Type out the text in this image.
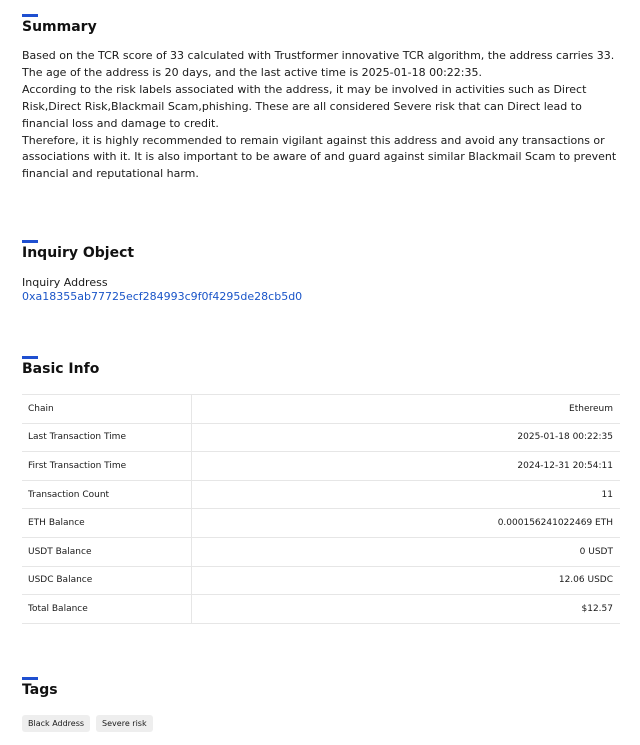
Summary

Based on the TCR score of 33 calculated with Trustformer innovative TCR algorithm, the address carries 33. The age of the address is 20 days, and the last active time is 2025-01-18 00:22:35.

According to the risk labels associated with the address, it may be involved in activities such as Direct Risk,Direct Risk,Blackmail Scam,phishing. These are all considered Severe risk that can Direct lead to financial loss and damage to credit.

Therefore, it is highly recommended to remain vigilant against this address and avoid any transactions or associations with it. It is also important to be aware of and guard against similar Blackmail Scam to prevent financial and reputational harm.

Inquiry Object
Inquiry Address
0xa18355ab77725ecf284993c9f0f4295de28cb5d0
Basic Info
Chain	Ethereum
Last Transaction Time	2025-01-18 00:22:35
First Transaction Time	2024-12-31 20:54:11
Transaction Count	11
ETH Balance	0.000156241022469 ETH
USDT Balance	0 USDT
USDC Balance	12.06 USDC
Total Balance	$12.57
Tags
Black Address	Severe risk
